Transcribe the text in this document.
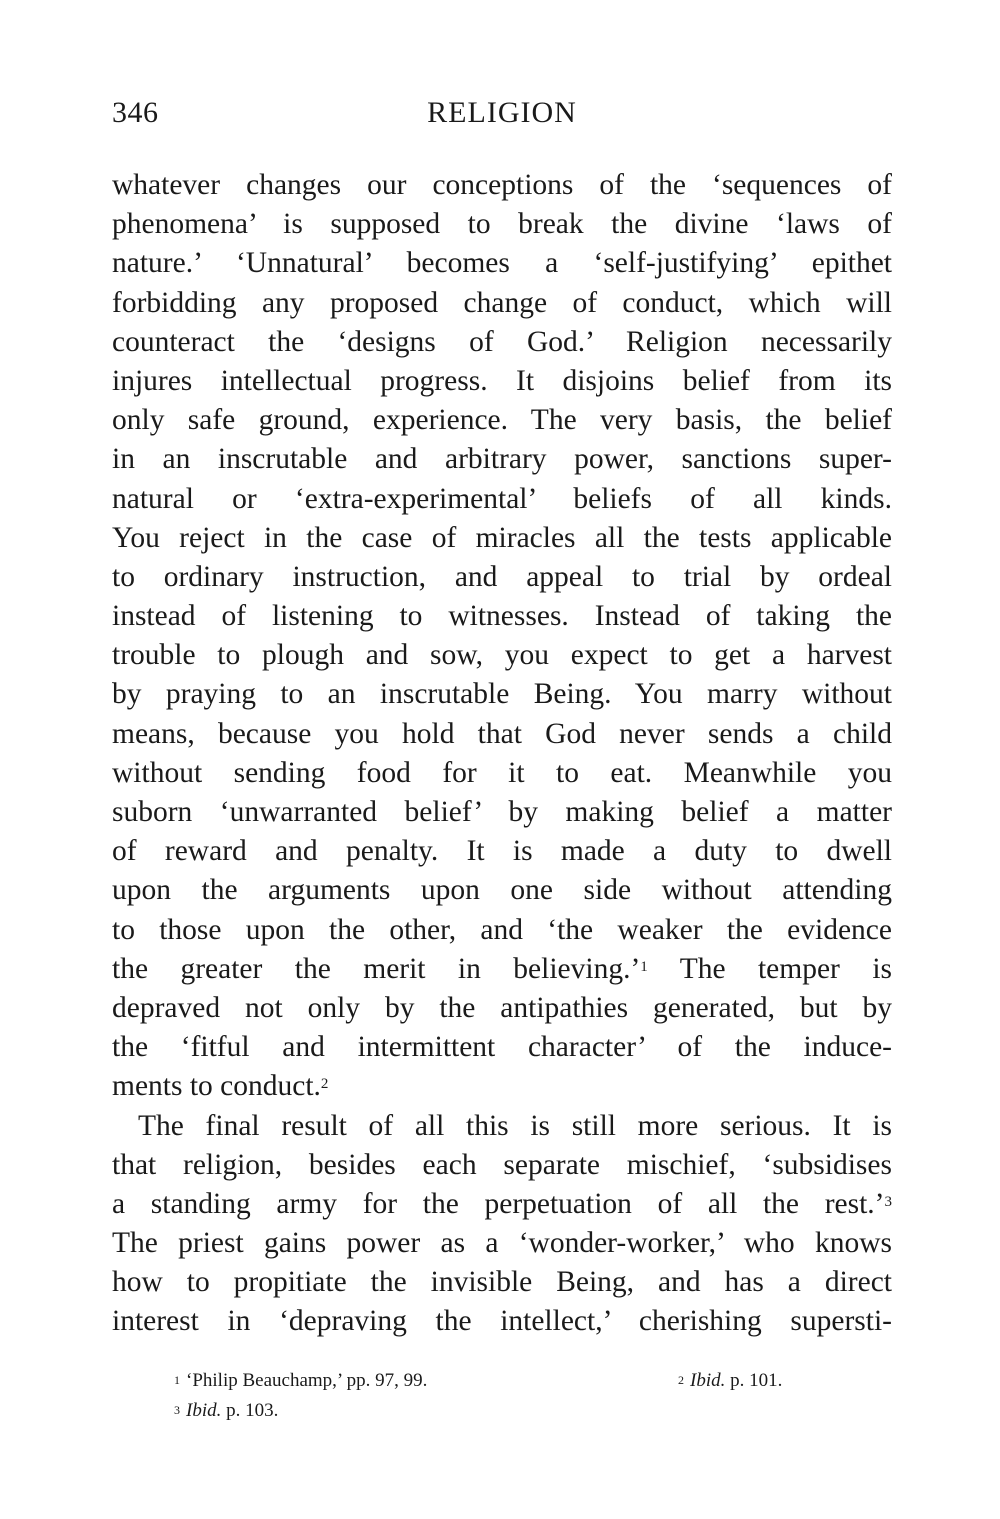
346	RELIGION
whatever changes our conceptions of the ‘sequences of
phenomena’ is supposed to break the divine ‘laws of
nature.’ ‘Unnatural’ becomes a ‘self-justifying’ epithet
forbidding any proposed change of conduct, which will
counteract the ‘designs of God.’ Religion necessarily
injures intellectual progress. It disjoins belief from its
only safe ground, experience. The very basis, the belief
in an inscrutable and arbitrary power, sanctions super-
natural or ‘extra-experimental’ beliefs of all kinds.
You reject in the case of miracles all the tests applicable
to ordinary instruction, and appeal to trial by ordeal
instead of listening to witnesses. Instead of taking the
trouble to plough and sow, you expect to get a harvest
by praying to an inscrutable Being. You marry without
means, because you hold that God never sends a child
without sending food for it to eat. Meanwhile you
suborn ‘unwarranted belief’ by making belief a matter
of reward and penalty. It is made a duty to dwell
upon the arguments upon one side without attending
to those upon the other, and ‘the weaker the evidence
the greater the merit in believing.’$^1$ The temper is
depraved not only by the antipathies generated, but by
the ‘fitful and intermittent character’ of the induce-
ments to conduct.$^2$
The final result of all this is still more serious. It is
that religion, besides each separate mischief, ‘subsidises
a standing army for the perpetuation of all the rest.’$^3$
The priest gains power as a ‘wonder-worker,’ who knows
how to propitiate the invisible Being, and has a direct
interest in ‘depraving the intellect,’ cherishing supersti-
$^1$ ‘Philip Beauchamp,’ pp. 97, 99.	$^2$ Ibid. p. 101.
$^3$ Ibid. p. 103.
